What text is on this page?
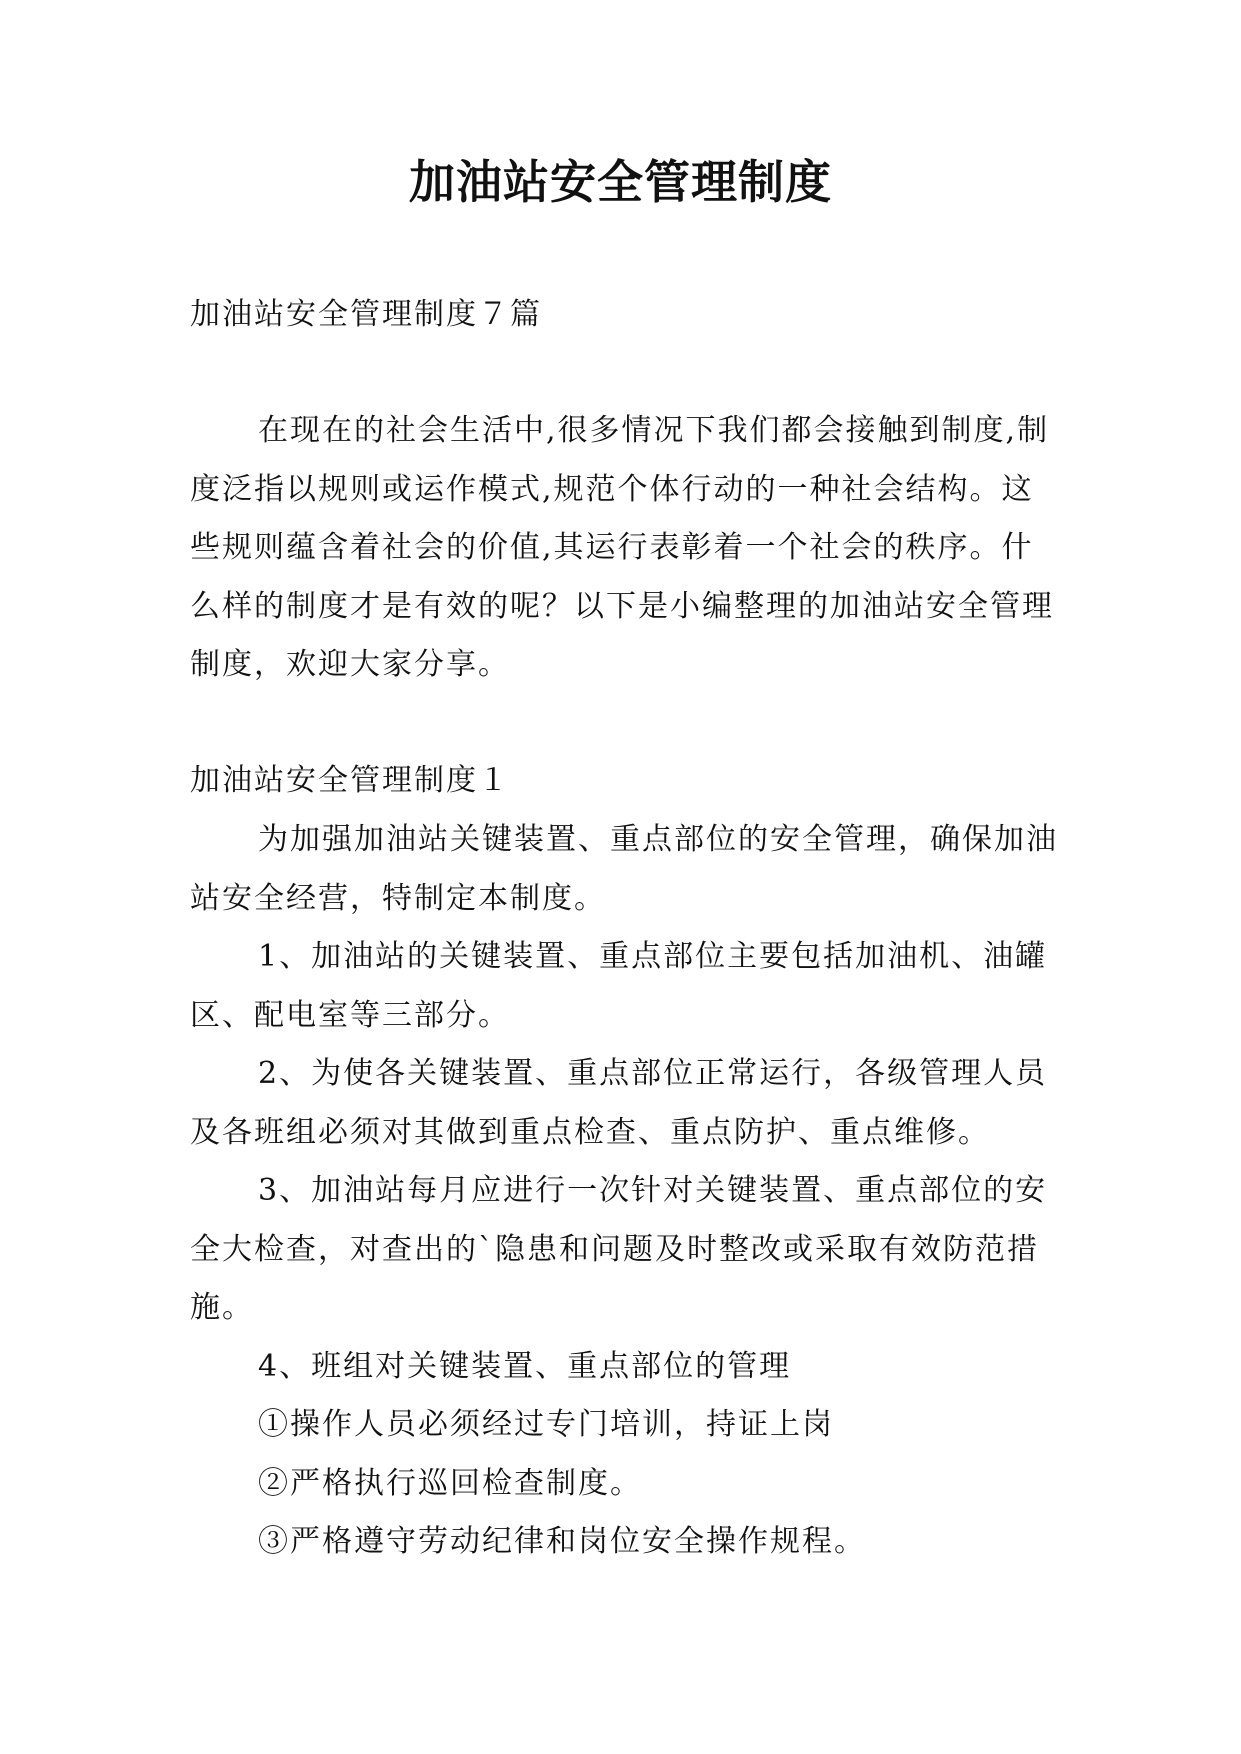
加油站安全管理制度
加油站安全管理制度７篇
在现在的社会生活中,很多情况下我们都会接触到制度,制度泛指以规则或运作模式,规范个体行动的一种社会结构。这些规则蕴含着社会的价值,其运行表彰着一个社会的秩序。什么样的制度才是有效的呢？以下是小编整理的加油站安全管理制度，欢迎大家分享。
加油站安全管理制度１

为加强加油站关键装置、重点部位的安全管理，确保加油站安全经营，特制定本制度。

1、加油站的关键装置、重点部位主要包括加油机、油罐区、配电室等三部分。

2、为使各关键装置、重点部位正常运行，各级管理人员及各班组必须对其做到重点检查、重点防护、重点维修。

3、加油站每月应进行一次针对关键装置、重点部位的安全大检查，对查出的`隐患和问题及时整改或采取有效防范措施。

4、班组对关键装置、重点部位的管理

①操作人员必须经过专门培训，持证上岗

②严格执行巡回检查制度。

③严格遵守劳动纪律和岗位安全操作规程。
